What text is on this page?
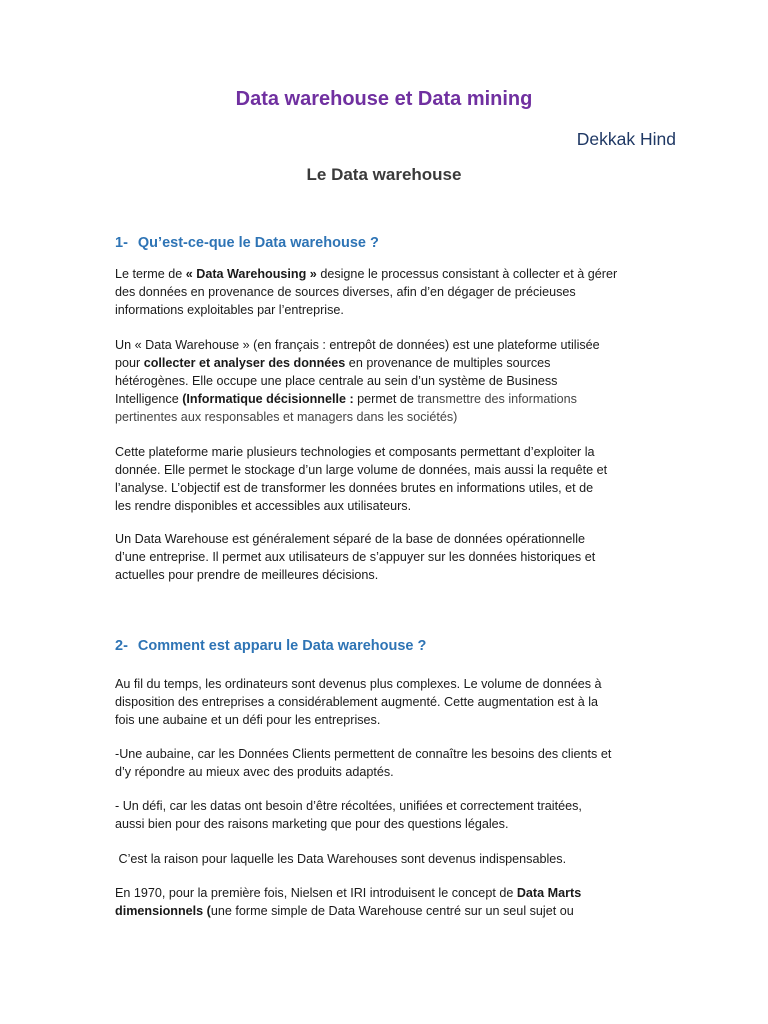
Data warehouse et Data mining
Dekkak Hind
Le Data warehouse
1- Qu’est-ce-que le Data warehouse ?
Le terme de « Data Warehousing » designe le processus consistant à collecter et à gérer
des données en provenance de sources diverses, afin d’en dégager de précieuses
informations exploitables par l’entreprise.
Un « Data Warehouse » (en français : entrepôt de données) est une plateforme utilisée
pour collecter et analyser des données en provenance de multiples sources
hétérogènes. Elle occupe une place centrale au sein d’un système de Business
Intelligence (Informatique décisionnelle : permet de transmettre des informations
pertinentes aux responsables et managers dans les sociétés)
Cette plateforme marie plusieurs technologies et composants permettant d’exploiter la
donnée. Elle permet le stockage d’un large volume de données, mais aussi la requête et
l’analyse. L’objectif est de transformer les données brutes en informations utiles, et de
les rendre disponibles et accessibles aux utilisateurs.
Un Data Warehouse est généralement séparé de la base de données opérationnelle
d’une entreprise. Il permet aux utilisateurs de s’appuyer sur les données historiques et
actuelles pour prendre de meilleures décisions.
2- Comment est apparu le Data warehouse ?
Au fil du temps, les ordinateurs sont devenus plus complexes. Le volume de données à
disposition des entreprises a considérablement augmenté. Cette augmentation est à la
fois une aubaine et un défi pour les entreprises.
-Une aubaine, car les Données Clients permettent de connaître les besoins des clients et
d’y répondre au mieux avec des produits adaptés.
- Un défi, car les datas ont besoin d’être récoltées, unifiées et correctement traitées,
aussi bien pour des raisons marketing que pour des questions légales.
C’est la raison pour laquelle les Data Warehouses sont devenus indispensables.
En 1970, pour la première fois, Nielsen et IRI introduisent le concept de Data Marts
dimensionnels (une forme simple de Data Warehouse centré sur un seul sujet ou
